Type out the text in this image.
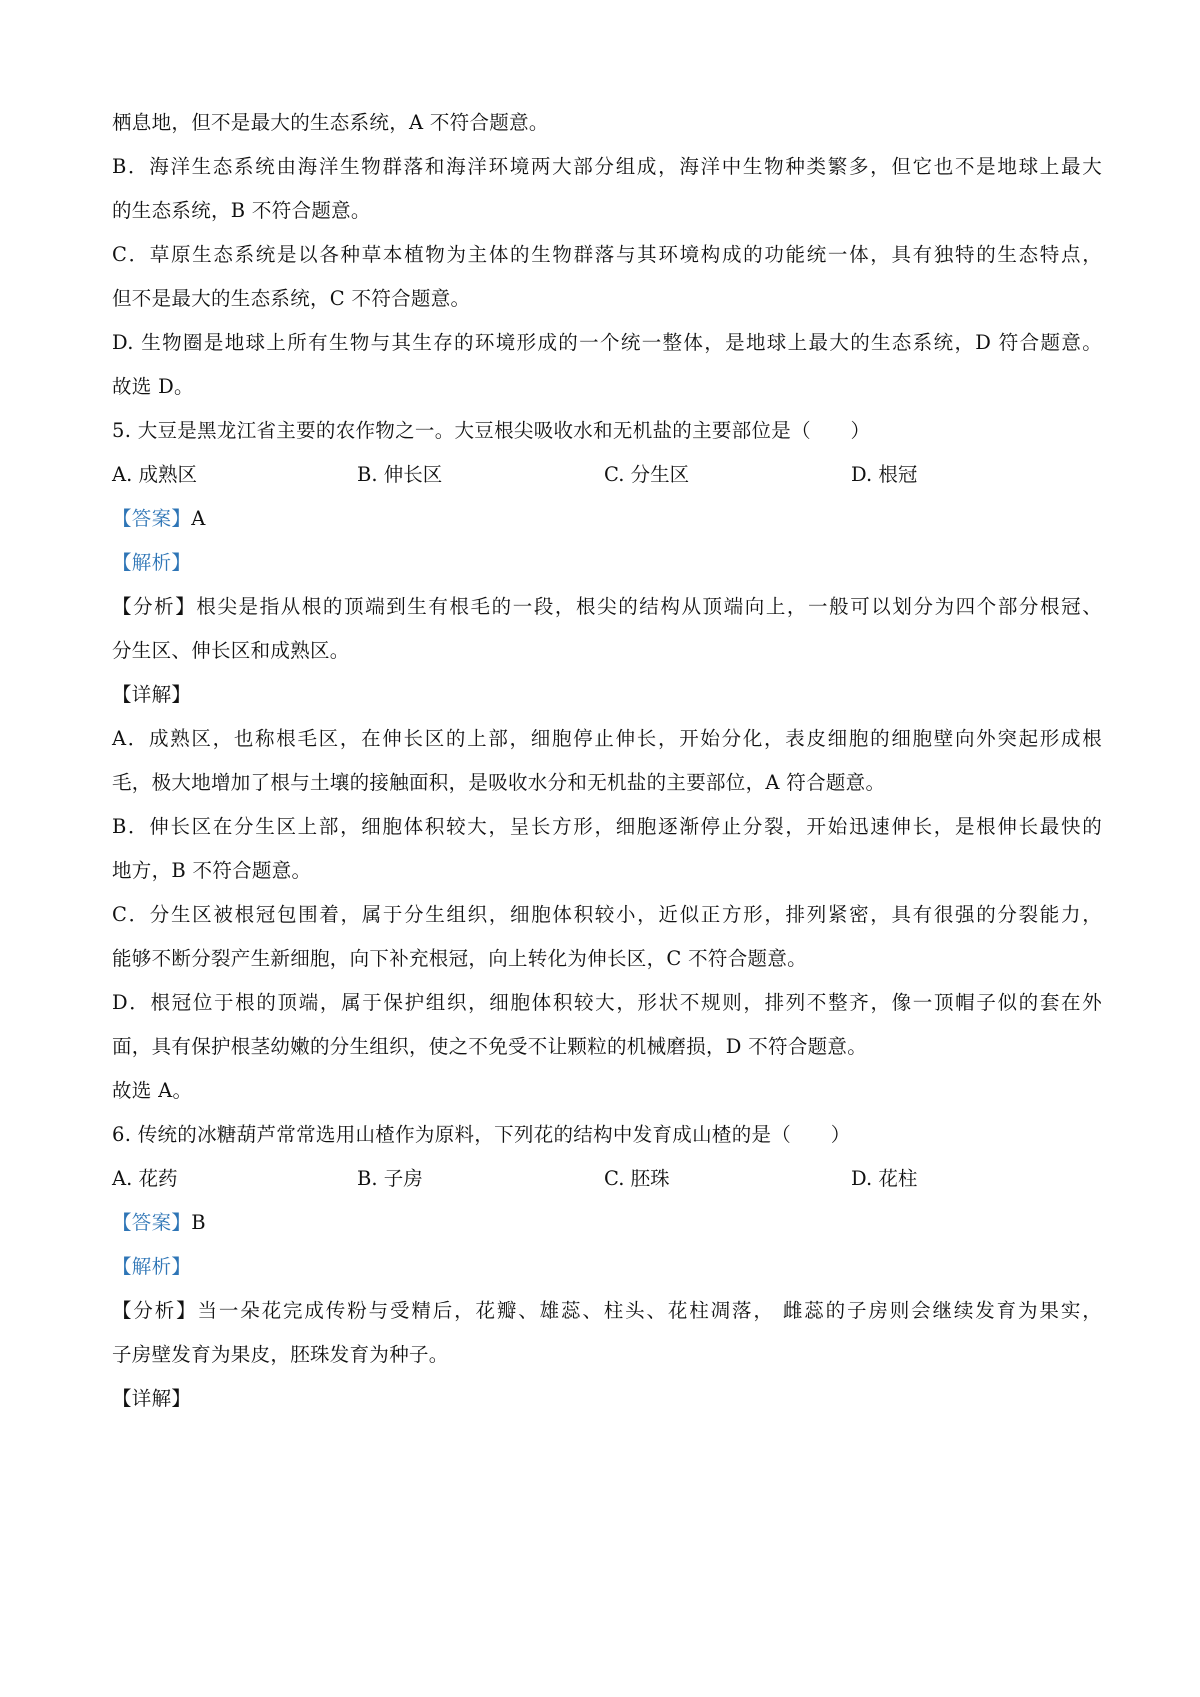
栖息地，但不是最大的生态系统，A 不符合题意。
B．海洋生态系统由海洋生物群落和海洋环境两大部分组成，海洋中生物种类繁多，但它也不是地球上最大
的生态系统，B 不符合题意。
C．草原生态系统是以各种草本植物为主体的生物群落与其环境构成的功能统一体，具有独特的生态特点，
但不是最大的生态系统，C 不符合题意。
D. 生物圈是地球上所有生物与其生存的环境形成的一个统一整体，是地球上最大的生态系统，D 符合题意。
故选 D。
5. 大豆是黑龙江省主要的农作物之一。大豆根尖吸收水和无机盐的主要部位是（　　）
A. 成熟区	B. 伸长区	C. 分生区	D. 根冠
【答案】A
【解析】
【分析】根尖是指从根的顶端到生有根毛的一段，根尖的结构从顶端向上，一般可以划分为四个部分根冠、
分生区、伸长区和成熟区。
【详解】
A．成熟区，也称根毛区，在伸长区的上部，细胞停止伸长，开始分化，表皮细胞的细胞壁向外突起形成根
毛，极大地增加了根与土壤的接触面积，是吸收水分和无机盐的主要部位，A 符合题意。
B．伸长区在分生区上部，细胞体积较大，呈长方形，细胞逐渐停止分裂，开始迅速伸长，是根伸长最快的
地方，B 不符合题意。
C．分生区被根冠包围着，属于分生组织，细胞体积较小，近似正方形，排列紧密，具有很强的分裂能力，
能够不断分裂产生新细胞，向下补充根冠，向上转化为伸长区，C 不符合题意。
D．根冠位于根的顶端，属于保护组织，细胞体积较大，形状不规则，排列不整齐，像一顶帽子似的套在外
面，具有保护根茎幼嫩的分生组织，使之不免受不让颗粒的机械磨损，D 不符合题意。
故选 A。
6. 传统的冰糖葫芦常常选用山楂作为原料，下列花的结构中发育成山楂的是（　　）
A. 花药	B. 子房	C. 胚珠	D. 花柱
【答案】B
【解析】
【分析】当一朵花完成传粉与受精后，花瓣、雄蕊、柱头、花柱凋落， 雌蕊的子房则会继续发育为果实，
子房壁发育为果皮，胚珠发育为种子。
【详解】
